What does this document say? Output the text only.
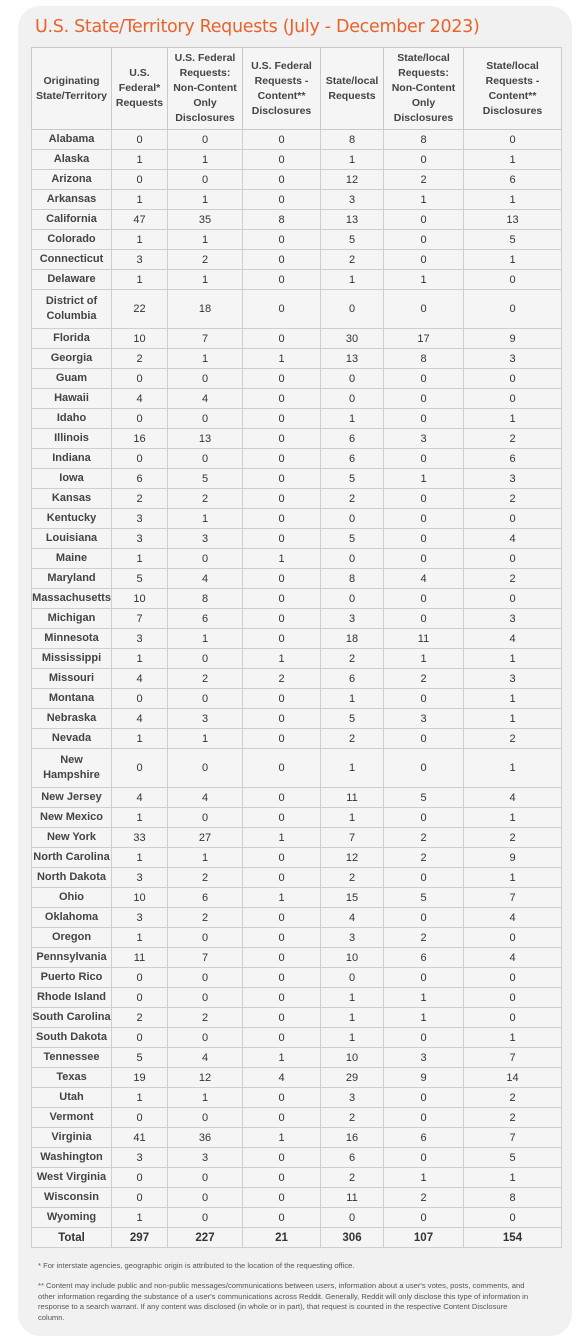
U.S. State/Territory Requests (July - December 2023)
Originating State/Territory	U.S. Federal* Requests	U.S. Federal Requests: Non-Content Only Disclosures	U.S. Federal Requests - Content** Disclosures	State/local Requests	State/local Requests: Non-Content Only Disclosures	State/local Requests - Content** Disclosures
Alabama	0	0	0	8	8	0
Alaska	1	1	0	1	0	1
Arizona	0	0	0	12	2	6
Arkansas	1	1	0	3	1	1
California	47	35	8	13	0	13
Colorado	1	1	0	5	0	5
Connecticut	3	2	0	2	0	1
Delaware	1	1	0	1	1	0
District of Columbia	22	18	0	0	0	0
Florida	10	7	0	30	17	9
Georgia	2	1	1	13	8	3
Guam	0	0	0	0	0	0
Hawaii	4	4	0	0	0	0
Idaho	0	0	0	1	0	1
Illinois	16	13	0	6	3	2
Indiana	0	0	0	6	0	6
Iowa	6	5	0	5	1	3
Kansas	2	2	0	2	0	2
Kentucky	3	1	0	0	0	0
Louisiana	3	3	0	5	0	4
Maine	1	0	1	0	0	0
Maryland	5	4	0	8	4	2
Massachusetts	10	8	0	0	0	0
Michigan	7	6	0	3	0	3
Minnesota	3	1	0	18	11	4
Mississippi	1	0	1	2	1	1
Missouri	4	2	2	6	2	3
Montana	0	0	0	1	0	1
Nebraska	4	3	0	5	3	1
Nevada	1	1	0	2	0	2
New Hampshire	0	0	0	1	0	1
New Jersey	4	4	0	11	5	4
New Mexico	1	0	0	1	0	1
New York	33	27	1	7	2	2
North Carolina	1	1	0	12	2	9
North Dakota	3	2	0	2	0	1
Ohio	10	6	1	15	5	7
Oklahoma	3	2	0	4	0	4
Oregon	1	0	0	3	2	0
Pennsylvania	11	7	0	10	6	4
Puerto Rico	0	0	0	0	0	0
Rhode Island	0	0	0	1	1	0
South Carolina	2	2	0	1	1	0
South Dakota	0	0	0	1	0	1
Tennessee	5	4	1	10	3	7
Texas	19	12	4	29	9	14
Utah	1	1	0	3	0	2
Vermont	0	0	0	2	0	2
Virginia	41	36	1	16	6	7
Washington	3	3	0	6	0	5
West Virginia	0	0	0	2	1	1
Wisconsin	0	0	0	11	2	8
Wyoming	1	0	0	0	0	0
Total	297	227	21	306	107	154
* For interstate agencies, geographic origin is attributed to the location of the requesting office.
** Content may include public and non-public messages/communications between users, information about a user's votes, posts, comments, and other information regarding the substance of a user's communications across Reddit. Generally, Reddit will only disclose this type of information in response to a search warrant. If any content was disclosed (in whole or in part), that request is counted in the respective Content Disclosure column.
